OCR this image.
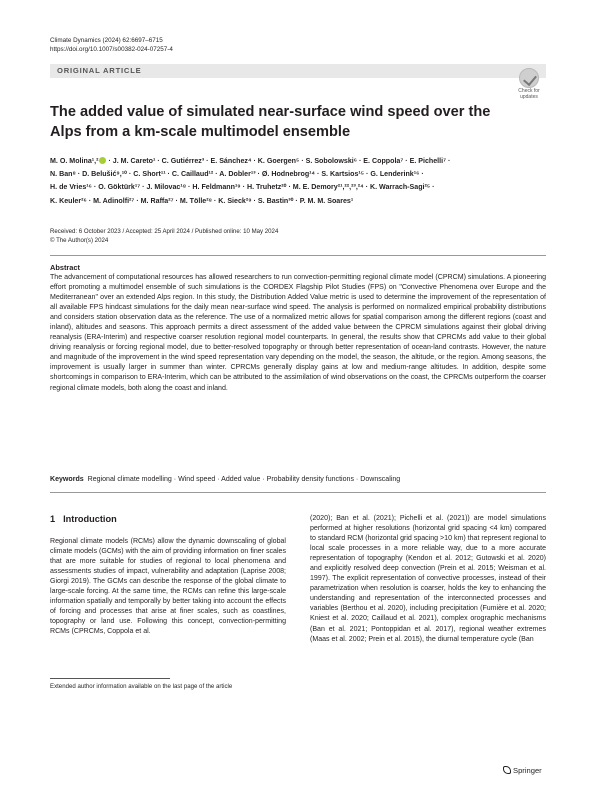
Climate Dynamics (2024) 62:6697–6715
https://doi.org/10.1007/s00382-024-07257-4
ORIGINAL ARTICLE
Check for
updates
The added value of simulated near-surface wind speed over the Alps from a km-scale multimodel ensemble
M. O. Molina¹,² · J. M. Careto¹ · C. Gutiérrez³ · E. Sánchez⁴ · K. Goergen⁵ · S. Sobolowski⁶ · E. Coppola⁷ · E. Pichelli⁷ ·
N. Ban⁸ · D. Belušić⁹,¹⁰ · C. Short¹¹ · C. Caillaud¹² · A. Dobler¹³ · Ø. Hodnebrog¹⁴ · S. Kartsios¹⁵ · G. Lenderink¹⁶ ·
H. de Vries¹⁶ · O. Göktürk¹⁷ · J. Milovac¹⁸ · H. Feldmann¹⁹ · H. Truhetz²⁰ · M. E. Demory²¹,²²,²³,²⁴ · K. Warrach-Sagi²⁵ ·
K. Keuler²⁶ · M. Adinolfi²⁷ · M. Raffa²⁷ · M. Tölle²⁸ · K. Sieck²⁹ · S. Bastin³⁰ · P. M. M. Soares¹
Received: 6 October 2023 / Accepted: 25 April 2024 / Published online: 10 May 2024
© The Author(s) 2024
Abstract
The advancement of computational resources has allowed researchers to run convection-permitting regional climate model (CPRCM) simulations. A pioneering effort promoting a multimodel ensemble of such simulations is the CORDEX Flagship Pilot Studies (FPS) on "Convective Phenomena over Europe and the Mediterranean" over an extended Alps region. In this study, the Distribution Added Value metric is used to determine the improvement of the representation of all available FPS hindcast simulations for the daily mean near-surface wind speed. The analysis is performed on normalized empirical probability distributions and considers station observation data as the reference. The use of a normalized metric allows for spatial comparison among the different regions (coast and inland), altitudes and seasons. This approach permits a direct assessment of the added value between the CPRCM simulations against their global driving reanalysis (ERA-Interim) and respective coarser resolution regional model counterparts. In general, the results show that CPRCMs add value to their global driving reanalysis or forcing regional model, due to better-resolved topography or through better representation of ocean-land contrasts. However, the nature and magnitude of the improvement in the wind speed representation vary depending on the model, the season, the altitude, or the region. Among seasons, the improvement is usually larger in summer than winter. CPRCMs generally display gains at low and medium-range altitudes. In addition, despite some shortcomings in comparison to ERA-Interim, which can be attributed to the assimilation of wind observations on the coast, the CPRCMs outperform the coarser regional climate models, both along the coast and inland.
Keywords Regional climate modelling · Wind speed · Added value · Probability density functions · Downscaling
1 Introduction
Regional climate models (RCMs) allow the dynamic downscaling of global climate models (GCMs) with the aim of providing information on finer scales that are more suitable for studies of regional to local phenomena and assessments studies of impact, vulnerability and adaptation (Laprise 2008; Giorgi 2019). The GCMs can describe the response of the global climate to large-scale forcing. At the same time, the RCMs can refine this large-scale information spatially and temporally by better taking into account the effects of forcing and processes that arise at finer scales, such as coastlines, topography or land use. Following this concept, convection-permitting RCMs (CPRCMs, Coppola et al.
(2020); Ban et al. (2021); Pichelli et al. (2021)) are model simulations performed at higher resolutions (horizontal grid spacing <4 km) compared to standard RCM (horizontal grid spacing >10 km) that represent regional to local scale processes in a more reliable way, due to a more accurate representation of topography (Kendon et al. 2012; Gutowski et al. 2020) and explicitly resolved deep convection (Prein et al. 2015; Weisman et al. 1997). The explicit representation of convective processes, instead of their parametrization when resolution is coarser, holds the key to enhancing the understanding and representation of the interconnected processes and variables (Berthou et al. 2020), including precipitation (Fumière et al. 2020; Kniest et al. 2020; Caillaud et al. 2021), complex orographic mechanisms (Ban et al. 2021; Pontoppidan et al. 2017), regional weather extremes (Maas et al. 2002; Prein et al. 2015), the diurnal temperature cycle (Ban
Extended author information available on the last page of the article
Springer
